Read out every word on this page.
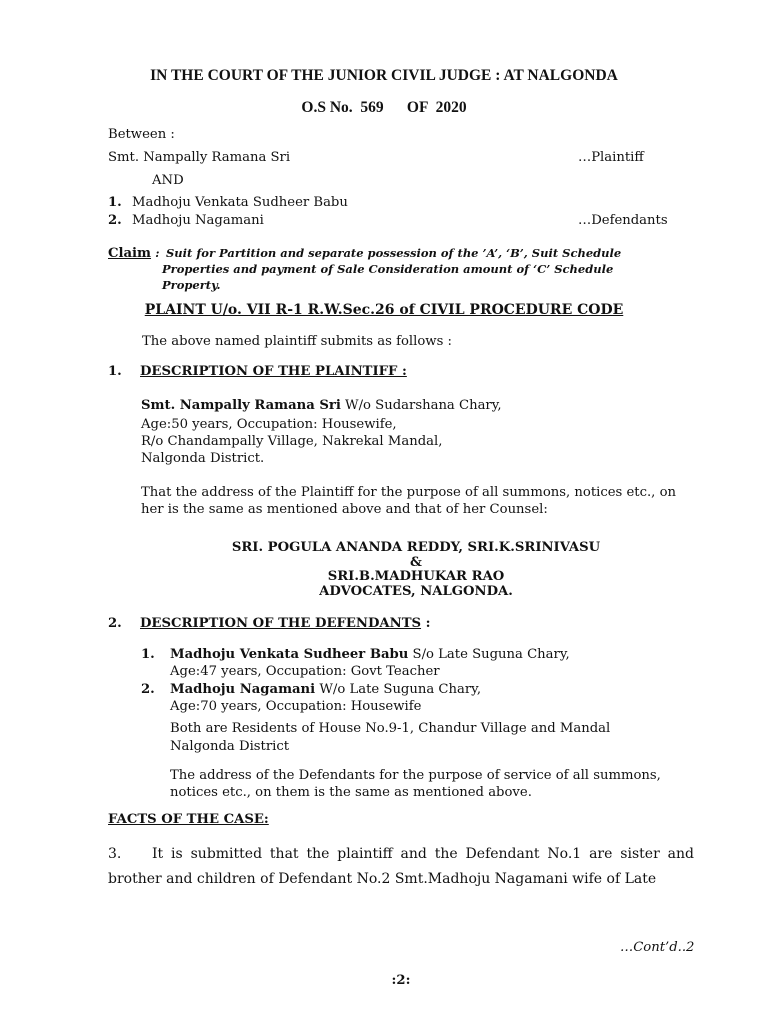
IN THE COURT OF THE JUNIOR CIVIL JUDGE : AT NALGONDA
O.S No.  569      OF  2020
Between :
Smt. Nampally Ramana Sri	…Plaintiff
AND
1. Madhoju Venkata Sudheer Babu
2. Madhoju Nagamani	…Defendants
Claim : Suit for Partition and separate possession of the ’A’, ‘B’, Suit Schedule
Properties and payment of Sale Consideration amount of ‘C’ Schedule
Property.
PLAINT U/o. VII R-1 R.W.Sec.26 of CIVIL PROCEDURE CODE
The above named plaintiff submits as follows :
1. DESCRIPTION OF THE PLAINTIFF :
Smt. Nampally Ramana Sri W/o Sudarshana Chary,
Age:50 years, Occupation: Housewife,
R/o Chandampally Village, Nakrekal Mandal,
Nalgonda District.
That the address of the Plaintiff for the purpose of all summons, notices etc., on
her is the same as mentioned above and that of her Counsel:
SRI. POGULA ANANDA REDDY, SRI.K.SRINIVASU
&
SRI.B.MADHUKAR RAO
ADVOCATES, NALGONDA.
2. DESCRIPTION OF THE DEFENDANTS :
1. Madhoju Venkata Sudheer Babu S/o Late Suguna Chary,
Age:47 years, Occupation: Govt Teacher
2. Madhoju Nagamani W/o Late Suguna Chary,
Age:70 years, Occupation: Housewife
Both are Residents of House No.9-1, Chandur Village and Mandal
Nalgonda District
The address of the Defendants for the purpose of service of all summons,
notices etc., on them is the same as mentioned above.
FACTS OF THE CASE:
3. It is submitted that the plaintiff and the Defendant No.1 are sister and
brother and children of Defendant No.2 Smt.Madhoju Nagamani wife of Late
…Cont’d..2
:2:
